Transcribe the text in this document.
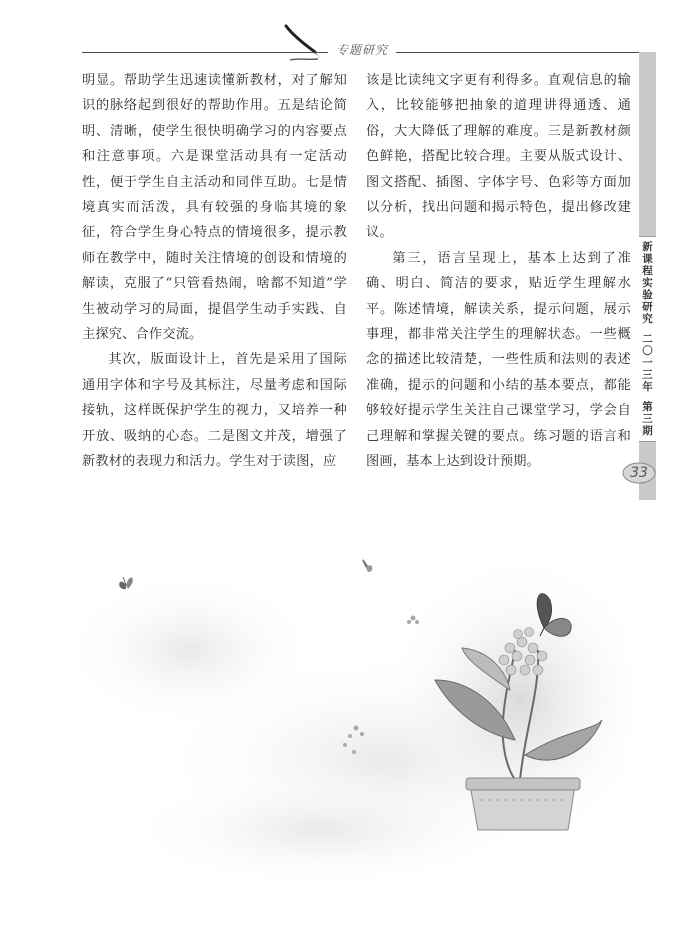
专题研究

明显。帮助学生迅速读懂新教材，对了解知识的脉络起到很好的帮助作用。五是结论简明、清晰，使学生很快明确学习的内容要点和注意事项。六是课堂活动具有一定活动性，便于学生自主活动和同伴互助。七是情境真实而活泼，具有较强的身临其境的象征，符合学生身心特点的情境很多，提示教师在教学中，随时关注情境的创设和情境的解读，克服了“只管看热闹，啥都不知道”学生被动学习的局面，提倡学生动手实践、自主探究、合作交流。

其次，版面设计上，首先是采用了国际通用字体和字号及其标注，尽量考虑和国际接轨，这样既保护学生的视力，又培养一种开放、吸纳的心态。二是图文并茂，增强了新教材的表现力和活力。学生对于读图，应

该是比读纯文字更有利得多。直观信息的输入，比较能够把抽象的道理讲得通透、通俗，大大降低了理解的难度。三是新教材颜色鲜艳，搭配比较合理。主要从版式设计、图文搭配、插图、字体字号、色彩等方面加以分析，找出问题和揭示特色，提出修改建议。

第三，语言呈现上，基本上达到了准确、明白、简洁的要求，贴近学生理解水平。陈述情境，解读关系，提示问题，展示事理，都非常关注学生的理解状态。一些概念的描述比较清楚，一些性质和法则的表述准确，提示的问题和小结的基本要点，都能够较好提示学生关注自己课堂学习，学会自己理解和掌握关键的要点。练习题的语言和图画，基本上达到设计预期。

新
课
程
实
验
研
究
二
〇
一
三
年
第
三
期
33
